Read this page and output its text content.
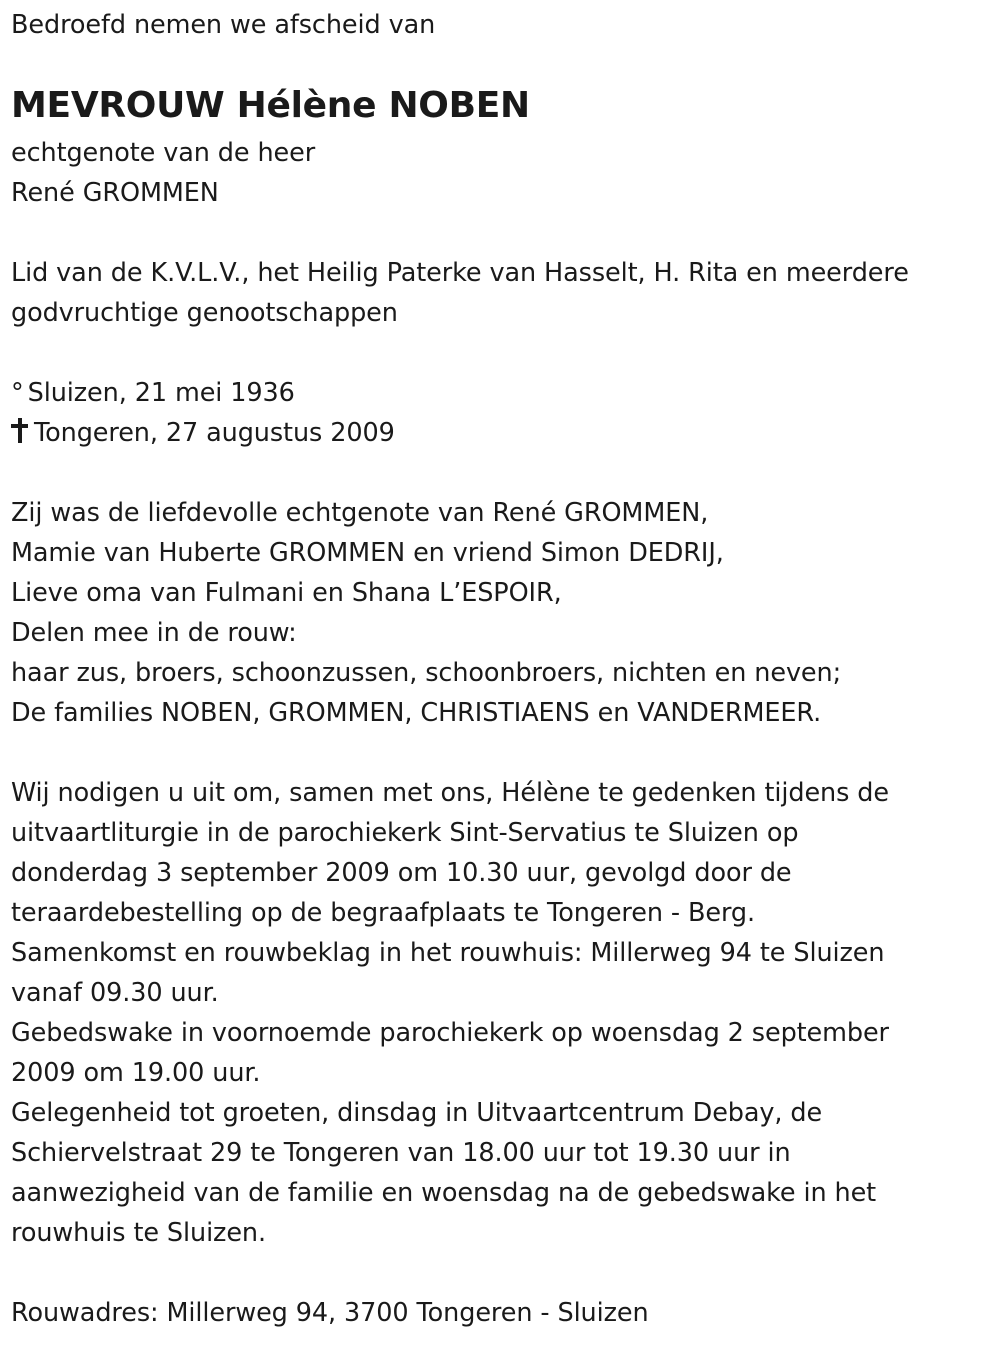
Bedroefd nemen we afscheid van
MEVROUW Hélène NOBEN
echtgenote van de heer
René GROMMEN
Lid van de K.V.L.V., het Heilig Paterke van Hasselt, H. Rita en meerdere
godvruchtige genootschappen
° Sluizen, 21 mei 1936
Tongeren, 27 augustus 2009
Zij was de liefdevolle echtgenote van René GROMMEN,
Mamie van Huberte GROMMEN en vriend Simon DEDRIJ,
Lieve oma van Fulmani en Shana L’ESPOIR,
Delen mee in de rouw:
haar zus, broers, schoonzussen, schoonbroers, nichten en neven;
De families NOBEN, GROMMEN, CHRISTIAENS en VANDERMEER.
Wij nodigen u uit om, samen met ons, Hélène te gedenken tijdens de
uitvaartliturgie in de parochiekerk Sint-Servatius te Sluizen op
donderdag 3 september 2009 om 10.30 uur, gevolgd door de
teraardebestelling op de begraafplaats te Tongeren - Berg.
Samenkomst en rouwbeklag in het rouwhuis: Millerweg 94 te Sluizen
vanaf 09.30 uur.
Gebedswake in voornoemde parochiekerk op woensdag 2 september
2009 om 19.00 uur.
Gelegenheid tot groeten, dinsdag in Uitvaartcentrum Debay, de
Schiervelstraat 29 te Tongeren van 18.00 uur tot 19.30 uur in
aanwezigheid van de familie en woensdag na de gebedswake in het
rouwhuis te Sluizen.
Rouwadres: Millerweg 94, 3700 Tongeren - Sluizen
